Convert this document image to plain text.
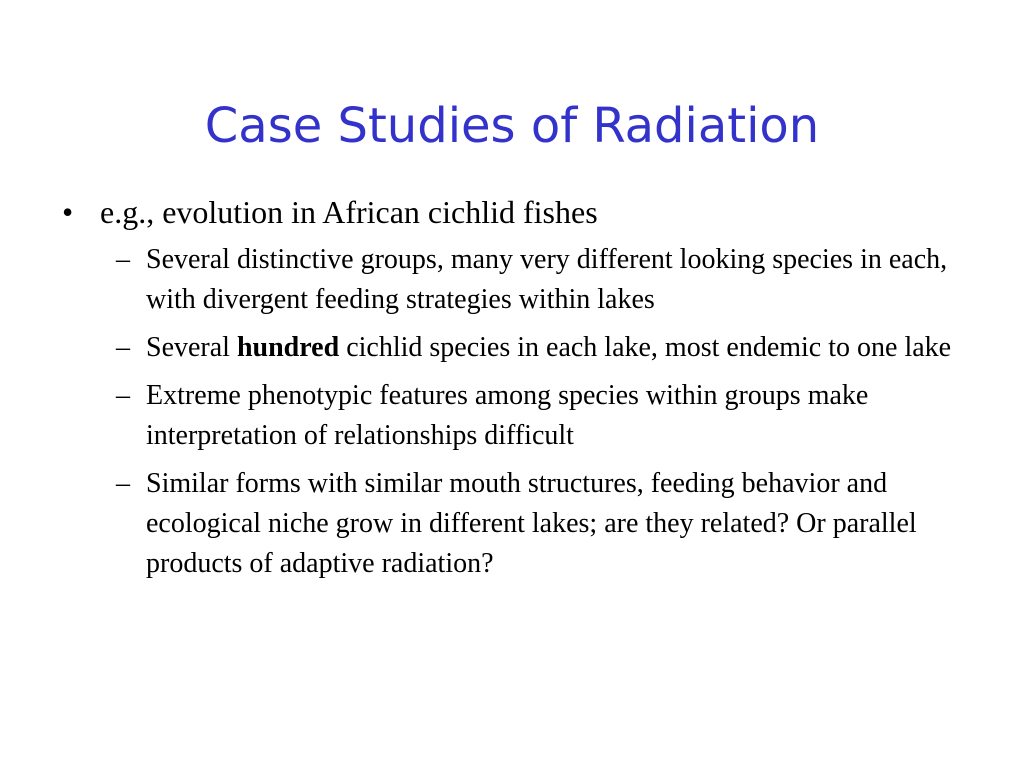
Case Studies of Radiation
• e.g., evolution in African cichlid fishes
– Several distinctive groups, many very different looking species in each, with divergent feeding strategies within lakes
– Several hundred cichlid species in each lake, most endemic to one lake
– Extreme phenotypic features among species within groups make interpretation of relationships difficult
– Similar forms with similar mouth structures, feeding behavior and ecological niche grow in different lakes; are they related? Or parallel products of adaptive radiation?
